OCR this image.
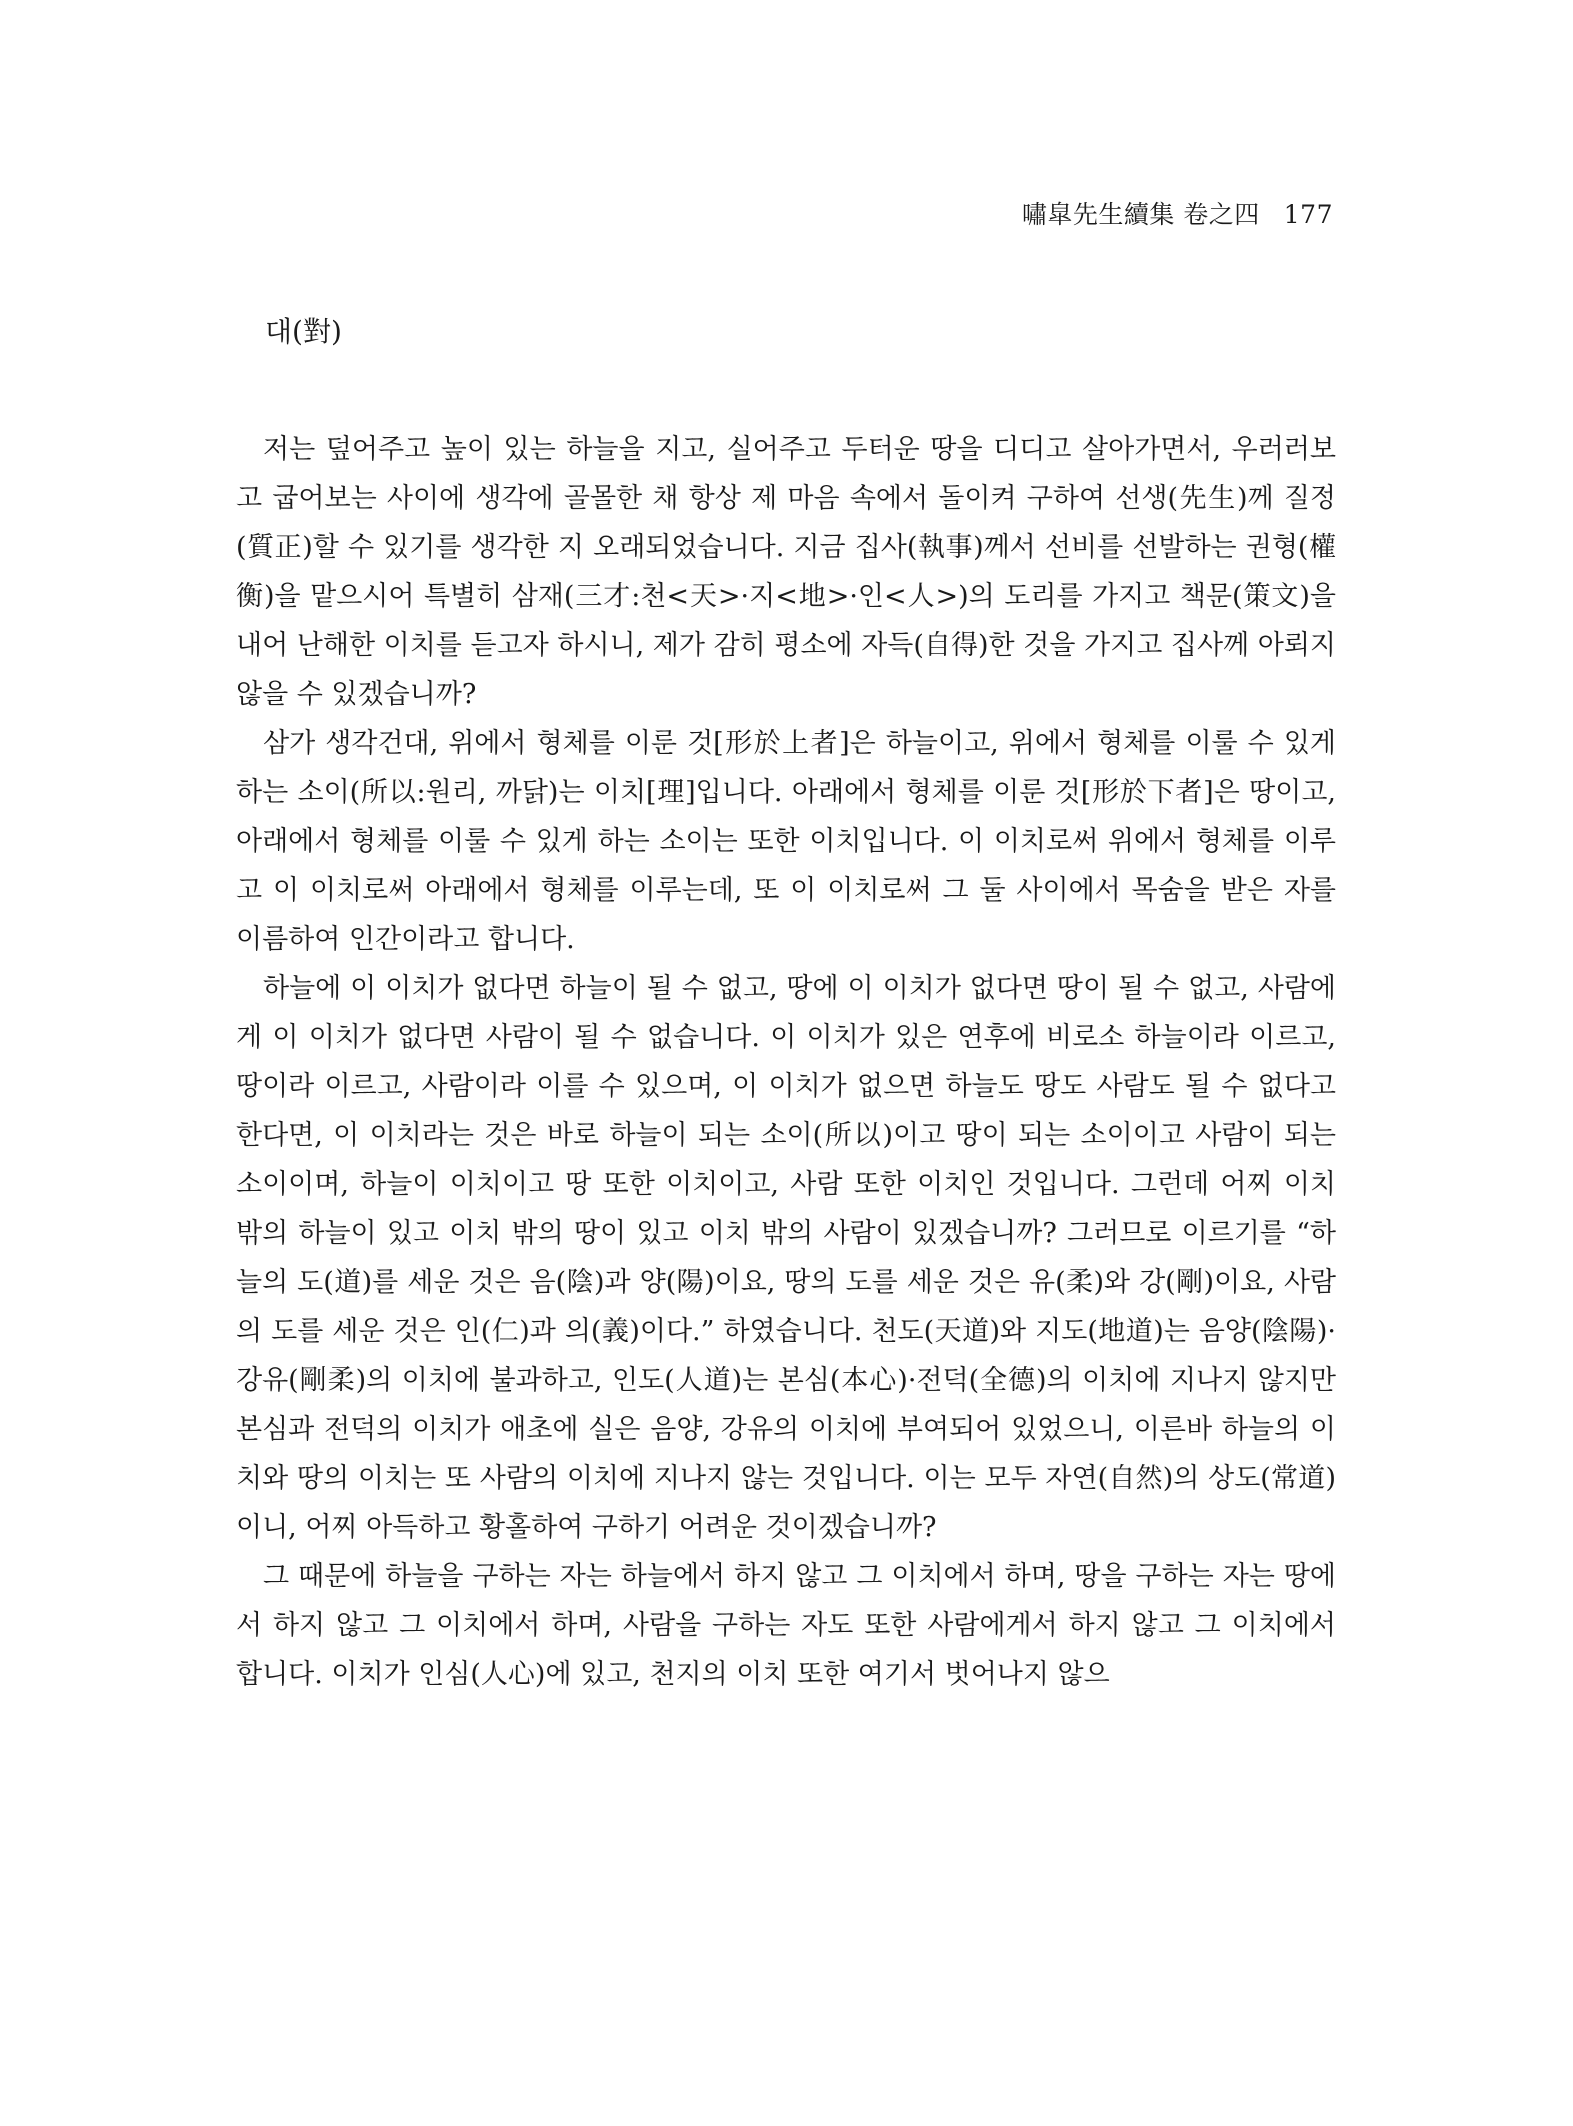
嘯皐先生續集 卷之四 177
대(對)

저는 덮어주고 높이 있는 하늘을 지고, 실어주고 두터운 땅을 디디고 살아가면서, 우러러보고 굽어보는 사이에 생각에 골몰한 채 항상 제 마음 속에서 돌이켜 구하여 선생(先生)께 질정(質正)할 수 있기를 생각한 지 오래되었습니다. 지금 집사(執事)께서 선비를 선발하는 권형(權衡)을 맡으시어 특별히 삼재(三才:천<天>·지<地>·인<人>)의 도리를 가지고 책문(策文)을 내어 난해한 이치를 듣고자 하시니, 제가 감히 평소에 자득(自得)한 것을 가지고 집사께 아뢰지 않을 수 있겠습니까?

삼가 생각건대, 위에서 형체를 이룬 것[形於上者]은 하늘이고, 위에서 형체를 이룰 수 있게 하는 소이(所以:원리, 까닭)는 이치[理]입니다. 아래에서 형체를 이룬 것[形於下者]은 땅이고, 아래에서 형체를 이룰 수 있게 하는 소이는 또한 이치입니다. 이 이치로써 위에서 형체를 이루고 이 이치로써 아래에서 형체를 이루는데, 또 이 이치로써 그 둘 사이에서 목숨을 받은 자를 이름하여 인간이라고 합니다.

하늘에 이 이치가 없다면 하늘이 될 수 없고, 땅에 이 이치가 없다면 땅이 될 수 없고, 사람에게 이 이치가 없다면 사람이 될 수 없습니다. 이 이치가 있은 연후에 비로소 하늘이라 이르고, 땅이라 이르고, 사람이라 이를 수 있으며, 이 이치가 없으면 하늘도 땅도 사람도 될 수 없다고 한다면, 이 이치라는 것은 바로 하늘이 되는 소이(所以)이고 땅이 되는 소이이고 사람이 되는 소이이며, 하늘이 이치이고 땅 또한 이치이고, 사람 또한 이치인 것입니다. 그런데 어찌 이치 밖의 하늘이 있고 이치 밖의 땅이 있고 이치 밖의 사람이 있겠습니까? 그러므로 이르기를 “하늘의 도(道)를 세운 것은 음(陰)과 양(陽)이요, 땅의 도를 세운 것은 유(柔)와 강(剛)이요, 사람의 도를 세운 것은 인(仁)과 의(義)이다.” 하였습니다. 천도(天道)와 지도(地道)는 음양(陰陽)·강유(剛柔)의 이치에 불과하고, 인도(人道)는 본심(本心)·전덕(全德)의 이치에 지나지 않지만 본심과 전덕의 이치가 애초에 실은 음양, 강유의 이치에 부여되어 있었으니, 이른바 하늘의 이치와 땅의 이치는 또 사람의 이치에 지나지 않는 것입니다. 이는 모두 자연(自然)의 상도(常道)이니, 어찌 아득하고 황홀하여 구하기 어려운 것이겠습니까?

그 때문에 하늘을 구하는 자는 하늘에서 하지 않고 그 이치에서 하며, 땅을 구하는 자는 땅에서 하지 않고 그 이치에서 하며, 사람을 구하는 자도 또한 사람에게서 하지 않고 그 이치에서 합니다. 이치가 인심(人心)에 있고, 천지의 이치 또한 여기서 벗어나지 않으
